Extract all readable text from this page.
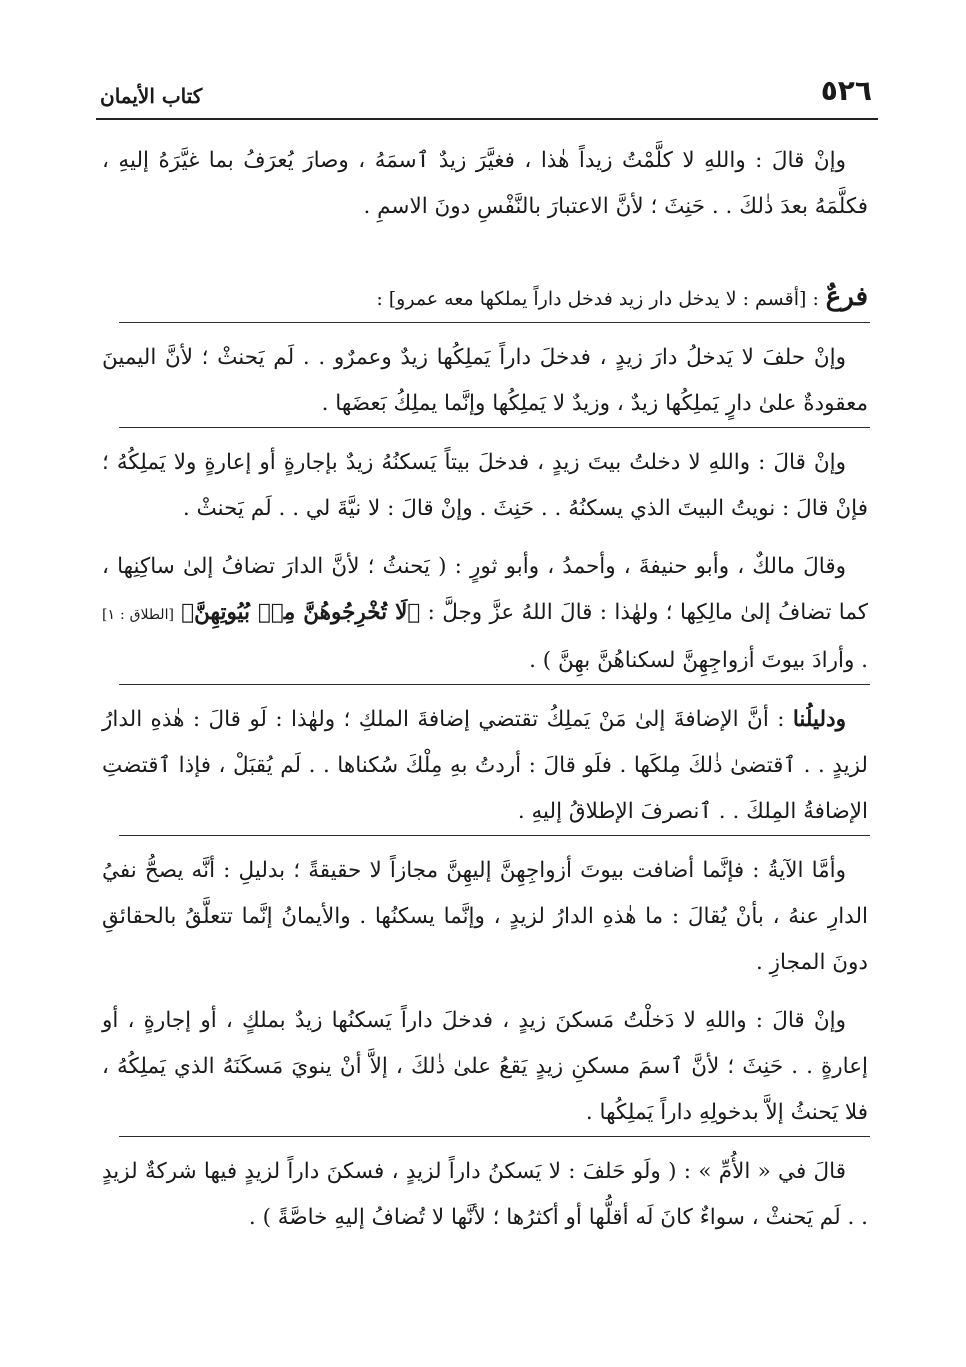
٥٢٦
كتاب الأيمان

وإنْ قالَ : واللهِ لا كلَّمْتُ زيداً هٰذا ، فغيَّرَ زيدٌ ٱسمَهُ ، وصارَ يُعرَفُ بما غيَّرَهُ إليهِ ، فكلَّمَهُ بعدَ ذٰلكَ . . حَنِثَ ؛ لأنَّ الاعتبارَ بالنَّفْسِ دونَ الاسمِ .

فرعٌ : [أقسم : لا يدخل دار زيد فدخل داراً يملكها معه عمرو] :

وإنْ حلفَ لا يَدخلُ دارَ زيدٍ ، فدخلَ داراً يَملِكُها زيدٌ وعمرٌو . . لَم يَحنثْ ؛ لأنَّ اليمينَ معقودةٌ علىٰ دارٍ يَملِكُها زيدٌ ، وزيدٌ لا يَملِكُها وإنَّما يملِكُ بَعضَها .

وإنْ قالَ : واللهِ لا دخلتُ بيتَ زيدٍ ، فدخلَ بيتاً يَسكنُهُ زيدٌ بإجارةٍ أو إعارةٍ ولا يَملِكُهُ ؛ فإنْ قالَ : نويتُ البيتَ الذي يسكنُهُ . . حَنِثَ . وإنْ قالَ : لا نيَّةَ لي . . لَم يَحنثْ .

وقالَ مالكٌ ، وأبو حنيفةَ ، وأحمدُ ، وأبو ثورٍ : ( يَحنثُ ؛ لأنَّ الدارَ تضافُ إلىٰ ساكِنِها ، كما تضافُ إلىٰ مالِكِها ؛ ولهٰذا : قالَ اللهُ عزَّ وجلَّ : ﴿لَا تُخْرِجُوهُنَّ مِنۢ بُيُوتِهِنَّ﴾ [الطلاق : ١] . وأرادَ بيوتَ أزواجِهِنَّ لسكناهُنَّ بهِنَّ ) .

ودليلُنا : أنَّ الإضافةَ إلىٰ مَنْ يَملِكُ تقتضي إضافةَ الملكِ ؛ ولهٰذا : لَو قالَ : هٰذهِ الدارُ لزيدٍ . . ٱقتضىٰ ذٰلكَ مِلكَها . فلَو قالَ : أردتُ بهِ مِلْكَ سُكناها . . لَم يُقبَلْ ، فإذا ٱقتضتِ الإضافةُ المِلكَ . . ٱنصرفَ الإطلاقُ إليهِ .

وأمَّا الآيةُ : فإنَّما أضافت بيوتَ أزواجِهِنَّ إليهِنَّ مجازاً لا حقيقةً ؛ بدليلِ : أنَّه يصحُّ نفيُ الدارِ عنهُ ، بأنْ يُقالَ : ما هٰذهِ الدارُ لزيدٍ ، وإنَّما يسكنُها . والأيمانُ إنَّما تتعلَّقُ بالحقائقِ دونَ المجازِ .

وإنْ قالَ : واللهِ لا دَخلْتُ مَسكنَ زيدٍ ، فدخلَ داراً يَسكنُها زيدٌ بملكٍ ، أو إجارةٍ ، أو إعارةٍ . . حَنِثَ ؛ لأنَّ ٱسمَ مسكنِ زيدٍ يَقعُ علىٰ ذٰلكَ ، إلاَّ أنْ ينويَ مَسكَنَهُ الذي يَملِكُهُ ، فلا يَحنثُ إلاَّ بدخولِهِ داراً يَملِكُها .

قالَ في « الأُمِّ » : ( ولَو حَلفَ : لا يَسكنُ داراً لزيدٍ ، فسكنَ داراً لزيدٍ فيها شركةٌ لزيدٍ . . لَم يَحنثْ ، سواءٌ كانَ لَه أقلُّها أو أكثرُها ؛ لأنَّها لا تُضافُ إليهِ خاصَّةً ) .
